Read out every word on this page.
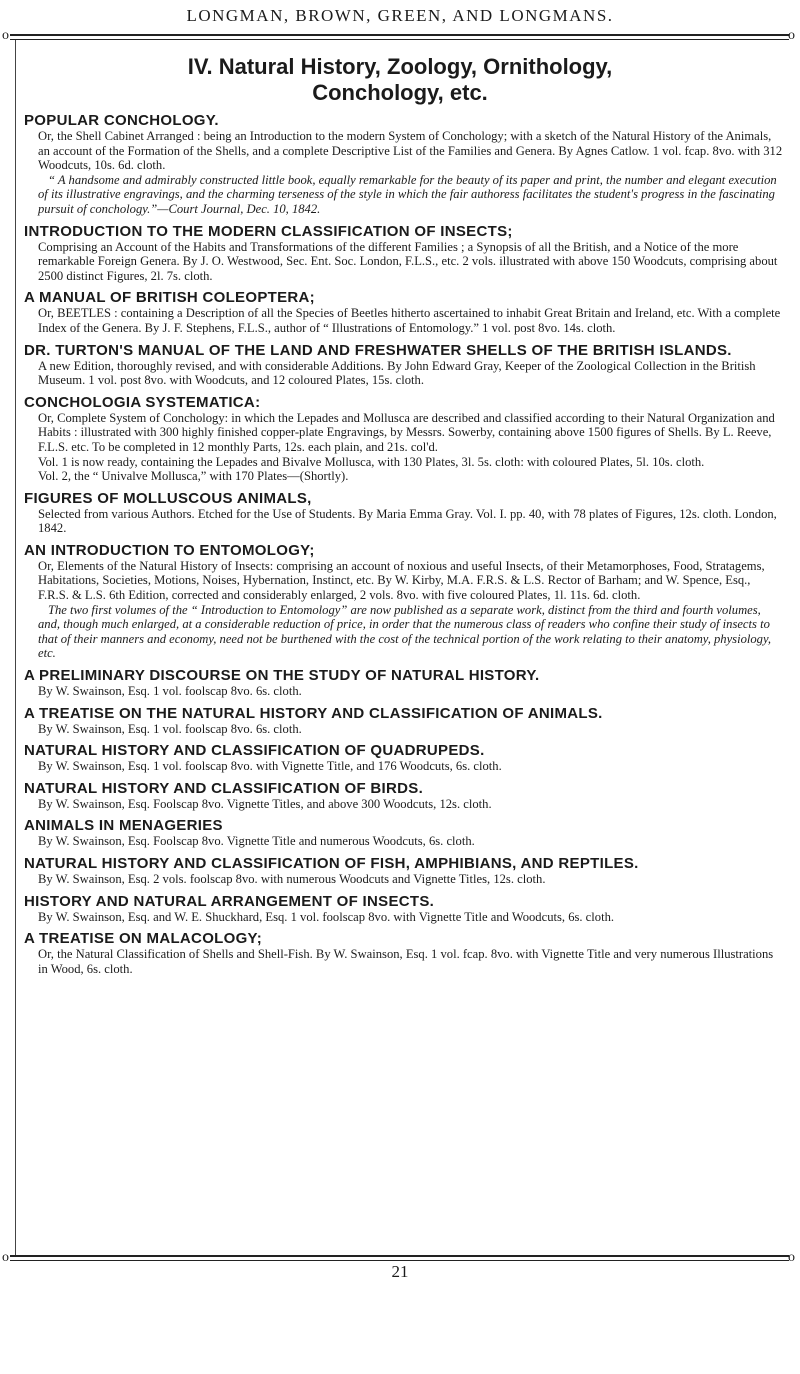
LONGMAN, BROWN, GREEN, AND LONGMANS.
o	o
IV. Natural History, Zoology, Ornithology,
Conchology, etc.
POPULAR CONCHOLOGY.
Or, the Shell Cabinet Arranged : being an Introduction to the modern System of Conchology; with a sketch of the Natural History of the Animals, an account of the Formation of the Shells, and a complete Descriptive List of the Families and Genera. By Agnes Catlow. 1 vol. fcap. 8vo. with 312 Woodcuts, 10s. 6d. cloth.
“ A handsome and admirably constructed little book, equally remarkable for the beauty of its paper and print, the number and elegant execution of its illustrative engravings, and the charming terseness of the style in which the fair authoress facilitates the student's progress in the fascinating pursuit of conchology.”—Court Journal, Dec. 10, 1842.
INTRODUCTION TO THE MODERN CLASSIFICATION OF INSECTS;
Comprising an Account of the Habits and Transformations of the different Families ; a Synopsis of all the British, and a Notice of the more remarkable Foreign Genera. By J. O. Westwood, Sec. Ent. Soc. London, F.L.S., etc. 2 vols. illustrated with above 150 Woodcuts, comprising about 2500 distinct Figures, 2l. 7s. cloth.
A MANUAL OF BRITISH COLEOPTERA;
Or, BEETLES : containing a Description of all the Species of Beetles hitherto ascertained to inhabit Great Britain and Ireland, etc. With a complete Index of the Genera. By J. F. Stephens, F.L.S., author of “ Illustrations of Entomology.” 1 vol. post 8vo. 14s. cloth.
DR. TURTON'S MANUAL OF THE LAND AND FRESHWATER SHELLS OF THE BRITISH ISLANDS.
A new Edition, thoroughly revised, and with considerable Additions. By John Edward Gray, Keeper of the Zoological Collection in the British Museum. 1 vol. post 8vo. with Woodcuts, and 12 coloured Plates, 15s. cloth.
CONCHOLOGIA SYSTEMATICA:
Or, Complete System of Conchology: in which the Lepades and Mollusca are described and classified according to their Natural Organization and Habits : illustrated with 300 highly finished copper-plate Engravings, by Messrs. Sowerby, containing above 1500 figures of Shells. By L. Reeve, F.L.S. etc. To be completed in 12 monthly Parts, 12s. each plain, and 21s. col'd.
Vol. 1 is now ready, containing the Lepades and Bivalve Mollusca, with 130 Plates, 3l. 5s. cloth: with coloured Plates, 5l. 10s. cloth.
Vol. 2, the “ Univalve Mollusca,” with 170 Plates—(Shortly).
FIGURES OF MOLLUSCOUS ANIMALS,
Selected from various Authors. Etched for the Use of Students. By Maria Emma Gray. Vol. I. pp. 40, with 78 plates of Figures, 12s. cloth. London, 1842.
AN INTRODUCTION TO ENTOMOLOGY;
Or, Elements of the Natural History of Insects: comprising an account of noxious and useful Insects, of their Metamorphoses, Food, Stratagems, Habitations, Societies, Motions, Noises, Hybernation, Instinct, etc. By W. Kirby, M.A. F.R.S. & L.S. Rector of Barham; and W. Spence, Esq., F.R.S. & L.S. 6th Edition, corrected and considerably enlarged, 2 vols. 8vo. with five coloured Plates, 1l. 11s. 6d. cloth.
The two first volumes of the “ Introduction to Entomology” are now published as a separate work, distinct from the third and fourth volumes, and, though much enlarged, at a considerable reduction of price, in order that the numerous class of readers who confine their study of insects to that of their manners and economy, need not be burthened with the cost of the technical portion of the work relating to their anatomy, physiology, etc.
A PRELIMINARY DISCOURSE ON THE STUDY OF NATURAL HISTORY.
By W. Swainson, Esq. 1 vol. foolscap 8vo. 6s. cloth.
A TREATISE ON THE NATURAL HISTORY AND CLASSIFICATION OF ANIMALS.
By W. Swainson, Esq. 1 vol. foolscap 8vo. 6s. cloth.
NATURAL HISTORY AND CLASSIFICATION OF QUADRUPEDS.
By W. Swainson, Esq. 1 vol. foolscap 8vo. with Vignette Title, and 176 Woodcuts, 6s. cloth.
NATURAL HISTORY AND CLASSIFICATION OF BIRDS.
By W. Swainson, Esq. Foolscap 8vo. Vignette Titles, and above 300 Woodcuts, 12s. cloth.
ANIMALS IN MENAGERIES
By W. Swainson, Esq. Foolscap 8vo. Vignette Title and numerous Woodcuts, 6s. cloth.
NATURAL HISTORY AND CLASSIFICATION OF FISH, AMPHIBIANS, AND REPTILES.
By W. Swainson, Esq. 2 vols. foolscap 8vo. with numerous Woodcuts and Vignette Titles, 12s. cloth.
HISTORY AND NATURAL ARRANGEMENT OF INSECTS.
By W. Swainson, Esq. and W. E. Shuckhard, Esq. 1 vol. foolscap 8vo. with Vignette Title and Woodcuts, 6s. cloth.
A TREATISE ON MALACOLOGY;
Or, the Natural Classification of Shells and Shell-Fish. By W. Swainson, Esq. 1 vol. fcap. 8vo. with Vignette Title and very numerous Illustrations in Wood, 6s. cloth.
o	o
21
